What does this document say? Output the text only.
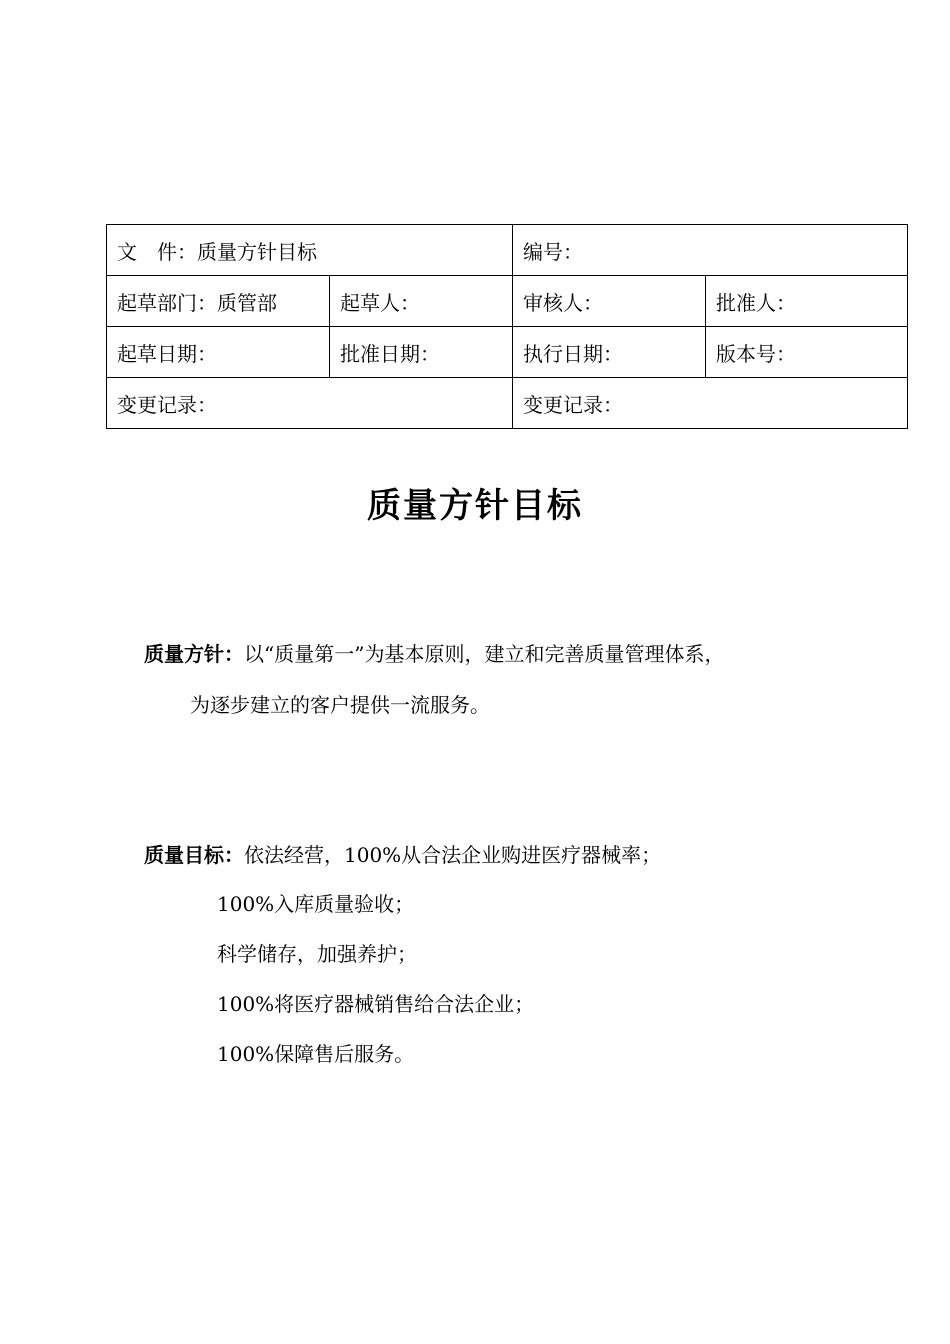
文　件：质量方针目标		编号：	
起草部门：质管部	起草人：	审核人：	批准人：
起草日期：	批准日期：	执行日期：	版本号：
变更记录：		变更记录：	
质量方针目标
质量方针：以“质量第一”为基本原则，建立和完善质量管理体系，
为逐步建立的客户提供一流服务。
质量目标：依法经营，100%从合法企业购进医疗器械率；
100%入库质量验收；
科学储存，加强养护；
100%将医疗器械销售给合法企业；
100%保障售后服务。
